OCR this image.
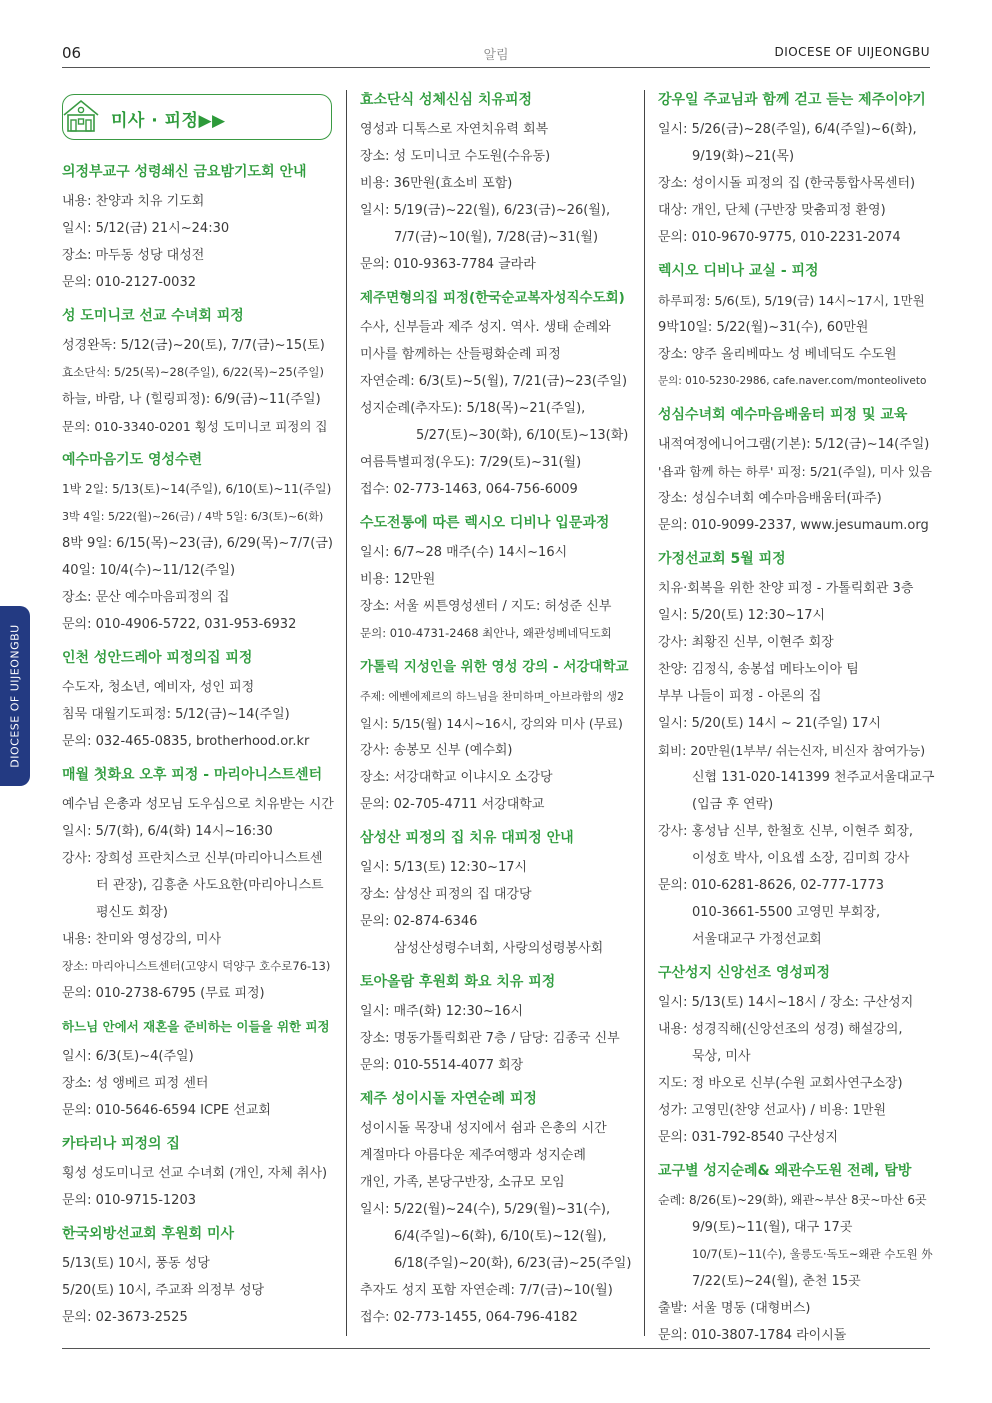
06	알림	DIOCESE OF UIJEONGBU
DIOCESE OF UIJEONGBU
미사 · 피정▶▶
의정부교구 성령쇄신 금요밤기도회 안내
내용: 찬양과 치유 기도회
일시: 5/12(금) 21시~24:30
장소: 마두동 성당 대성전
문의: 010-2127-0032
성 도미니코 선교 수녀회 피정
성경완독: 5/12(금)~20(토), 7/7(금)~15(토)
효소단식: 5/25(목)~28(주일), 6/22(목)~25(주일)
하늘, 바람, 나 (힐링피정): 6/9(금)~11(주일)
문의: 010-3340-0201 횡성 도미니코 피정의 집
예수마음기도 영성수련
1박 2일: 5/13(토)~14(주일), 6/10(토)~11(주일)
3박 4일: 5/22(월)~26(금) / 4박 5일: 6/3(토)~6(화)
8박 9일: 6/15(목)~23(금), 6/29(목)~7/7(금)
40일: 10/4(수)~11/12(주일)
장소: 문산 예수마음피정의 집
문의: 010-4906-5722, 031-953-6932
인천 성안드레아 피정의집 피정
수도자, 청소년, 예비자, 성인 피정
침묵 대월기도피정: 5/12(금)~14(주일)
문의: 032-465-0835, brotherhood.or.kr
매월 첫화요 오후 피정 - 마리아니스트센터
예수님 은총과 성모님 도우심으로 치유받는 시간
일시: 5/7(화), 6/4(화) 14시~16:30
강사: 장희성 프란치스코 신부(마리아니스트센
터 관장), 김흥춘 사도요한(마리아니스트
평신도 회장)
내용: 찬미와 영성강의, 미사
장소: 마리아니스트센터(고양시 덕양구 호수로76-13)
문의: 010-2738-6795 (무료 피정)
하느님 안에서 재혼을 준비하는 이들을 위한 피정
일시: 6/3(토)~4(주일)
장소: 성 앵베르 피정 센터
문의: 010-5646-6594 ICPE 선교회
카타리나 피정의 집
횡성 성도미니코 선교 수녀회 (개인, 자체 취사)
문의: 010-9715-1203
한국외방선교회 후원회 미사
5/13(토) 10시, 풍동 성당
5/20(토) 10시, 주교좌 의정부 성당
문의: 02-3673-2525
효소단식 성체신심 치유피정
영성과 디톡스로 자연치유력 회복
장소: 성 도미니코 수도원(수유동)
비용: 36만원(효소비 포함)
일시: 5/19(금)~22(월), 6/23(금)~26(월),
7/7(금)~10(월), 7/28(금)~31(월)
문의: 010-9363-7784 글라라
제주면형의집 피정(한국순교복자성직수도회)
수사, 신부들과 제주 성지. 역사. 생태 순례와
미사를 함께하는 산들평화순례 피정
자연순례: 6/3(토)~5(월), 7/21(금)~23(주일)
성지순례(추자도): 5/18(목)~21(주일),
5/27(토)~30(화), 6/10(토)~13(화)
여름특별피정(우도): 7/29(토)~31(월)
접수: 02-773-1463, 064-756-6009
수도전통에 따른 렉시오 디비나 입문과정
일시: 6/7~28 매주(수) 14시~16시
비용: 12만원
장소: 서울 씨튼영성센터 / 지도: 허성준 신부
문의: 010-4731-2468 최안나, 왜관성베네딕도회
가톨릭 지성인을 위한 영성 강의 - 서강대학교
주제: 에벤에제르의 하느님을 찬미하며_아브라함의 생2
일시: 5/15(월) 14시~16시, 강의와 미사 (무료)
강사: 송봉모 신부 (예수회)
장소: 서강대학교 이냐시오 소강당
문의: 02-705-4711 서강대학교
삼성산 피정의 집 치유 대피정 안내
일시: 5/13(토) 12:30~17시
장소: 삼성산 피정의 집 대강당
문의: 02-874-6346
삼성산성령수녀회, 사랑의성령봉사회
토아올람 후원회 화요 치유 피정
일시: 매주(화) 12:30~16시
장소: 명동가톨릭회관 7층 / 담당: 김종국 신부
문의: 010-5514-4077 회장
제주 성이시돌 자연순례 피정
성이시돌 목장내 성지에서 쉼과 은총의 시간
계절마다 아름다운 제주여행과 성지순례
개인, 가족, 본당구반장, 소규모 모임
일시: 5/22(월)~24(수), 5/29(월)~31(수),
6/4(주일)~6(화), 6/10(토)~12(월),
6/18(주일)~20(화), 6/23(금)~25(주일)
추자도 성지 포함 자연순례: 7/7(금)~10(월)
접수: 02-773-1455, 064-796-4182
강우일 주교님과 함께 걷고 듣는 제주이야기
일시: 5/26(금)~28(주일), 6/4(주일)~6(화),
9/19(화)~21(목)
장소: 성이시돌 피정의 집 (한국통합사목센터)
대상: 개인, 단체 (구반장 맞춤피정 환영)
문의: 010-9670-9775, 010-2231-2074
렉시오 디비나 교실 - 피정
하루피정: 5/6(토), 5/19(금) 14시~17시, 1만원
9박10일: 5/22(월)~31(수), 60만원
장소: 양주 올리베따노 성 베네딕도 수도원
문의: 010-5230-2986, cafe.naver.com/monteoliveto
성심수녀회 예수마음배움터 피정 및 교육
내적여정에니어그램(기본): 5/12(금)~14(주일)
'욥과 함께 하는 하루' 피정: 5/21(주일), 미사 있음
장소: 성심수녀회 예수마음배움터(파주)
문의: 010-9099-2337, www.jesumaum.org
가정선교회 5월 피정
치유·회복을 위한 찬양 피정 - 가톨릭회관 3층
일시: 5/20(토) 12:30~17시
강사: 최황진 신부, 이현주 회장
찬양: 김정식, 송봉섭 메타노이아 팀
부부 나들이 피정 - 아론의 집
일시: 5/20(토) 14시 ~ 21(주일) 17시
회비: 20만원(1부부/ 쉬는신자, 비신자 참여가능)
신협 131-020-141399 천주교서울대교구
(입금 후 연락)
강사: 홍성남 신부, 한철호 신부, 이현주 회장,
이성호 박사, 이요셉 소장, 김미희 강사
문의: 010-6281-8626, 02-777-1773
010-3661-5500 고영민 부회장,
서울대교구 가정선교회
구산성지 신앙선조 영성피정
일시: 5/13(토) 14시~18시 / 장소: 구산성지
내용: 성경직해(신앙선조의 성경) 해설강의,
묵상, 미사
지도: 정 바오로 신부(수원 교회사연구소장)
성가: 고영민(찬양 선교사) / 비용: 1만원
문의: 031-792-8540 구산성지
교구별 성지순례& 왜관수도원 전례, 탐방
순례: 8/26(토)~29(화), 왜관~부산 8곳~마산 6곳
9/9(토)~11(월), 대구 17곳
10/7(토)~11(수), 울릉도·독도~왜관 수도원 外
7/22(토)~24(월), 춘천 15곳
출발: 서울 명동 (대형버스)
문의: 010-3807-1784 라이시돌
